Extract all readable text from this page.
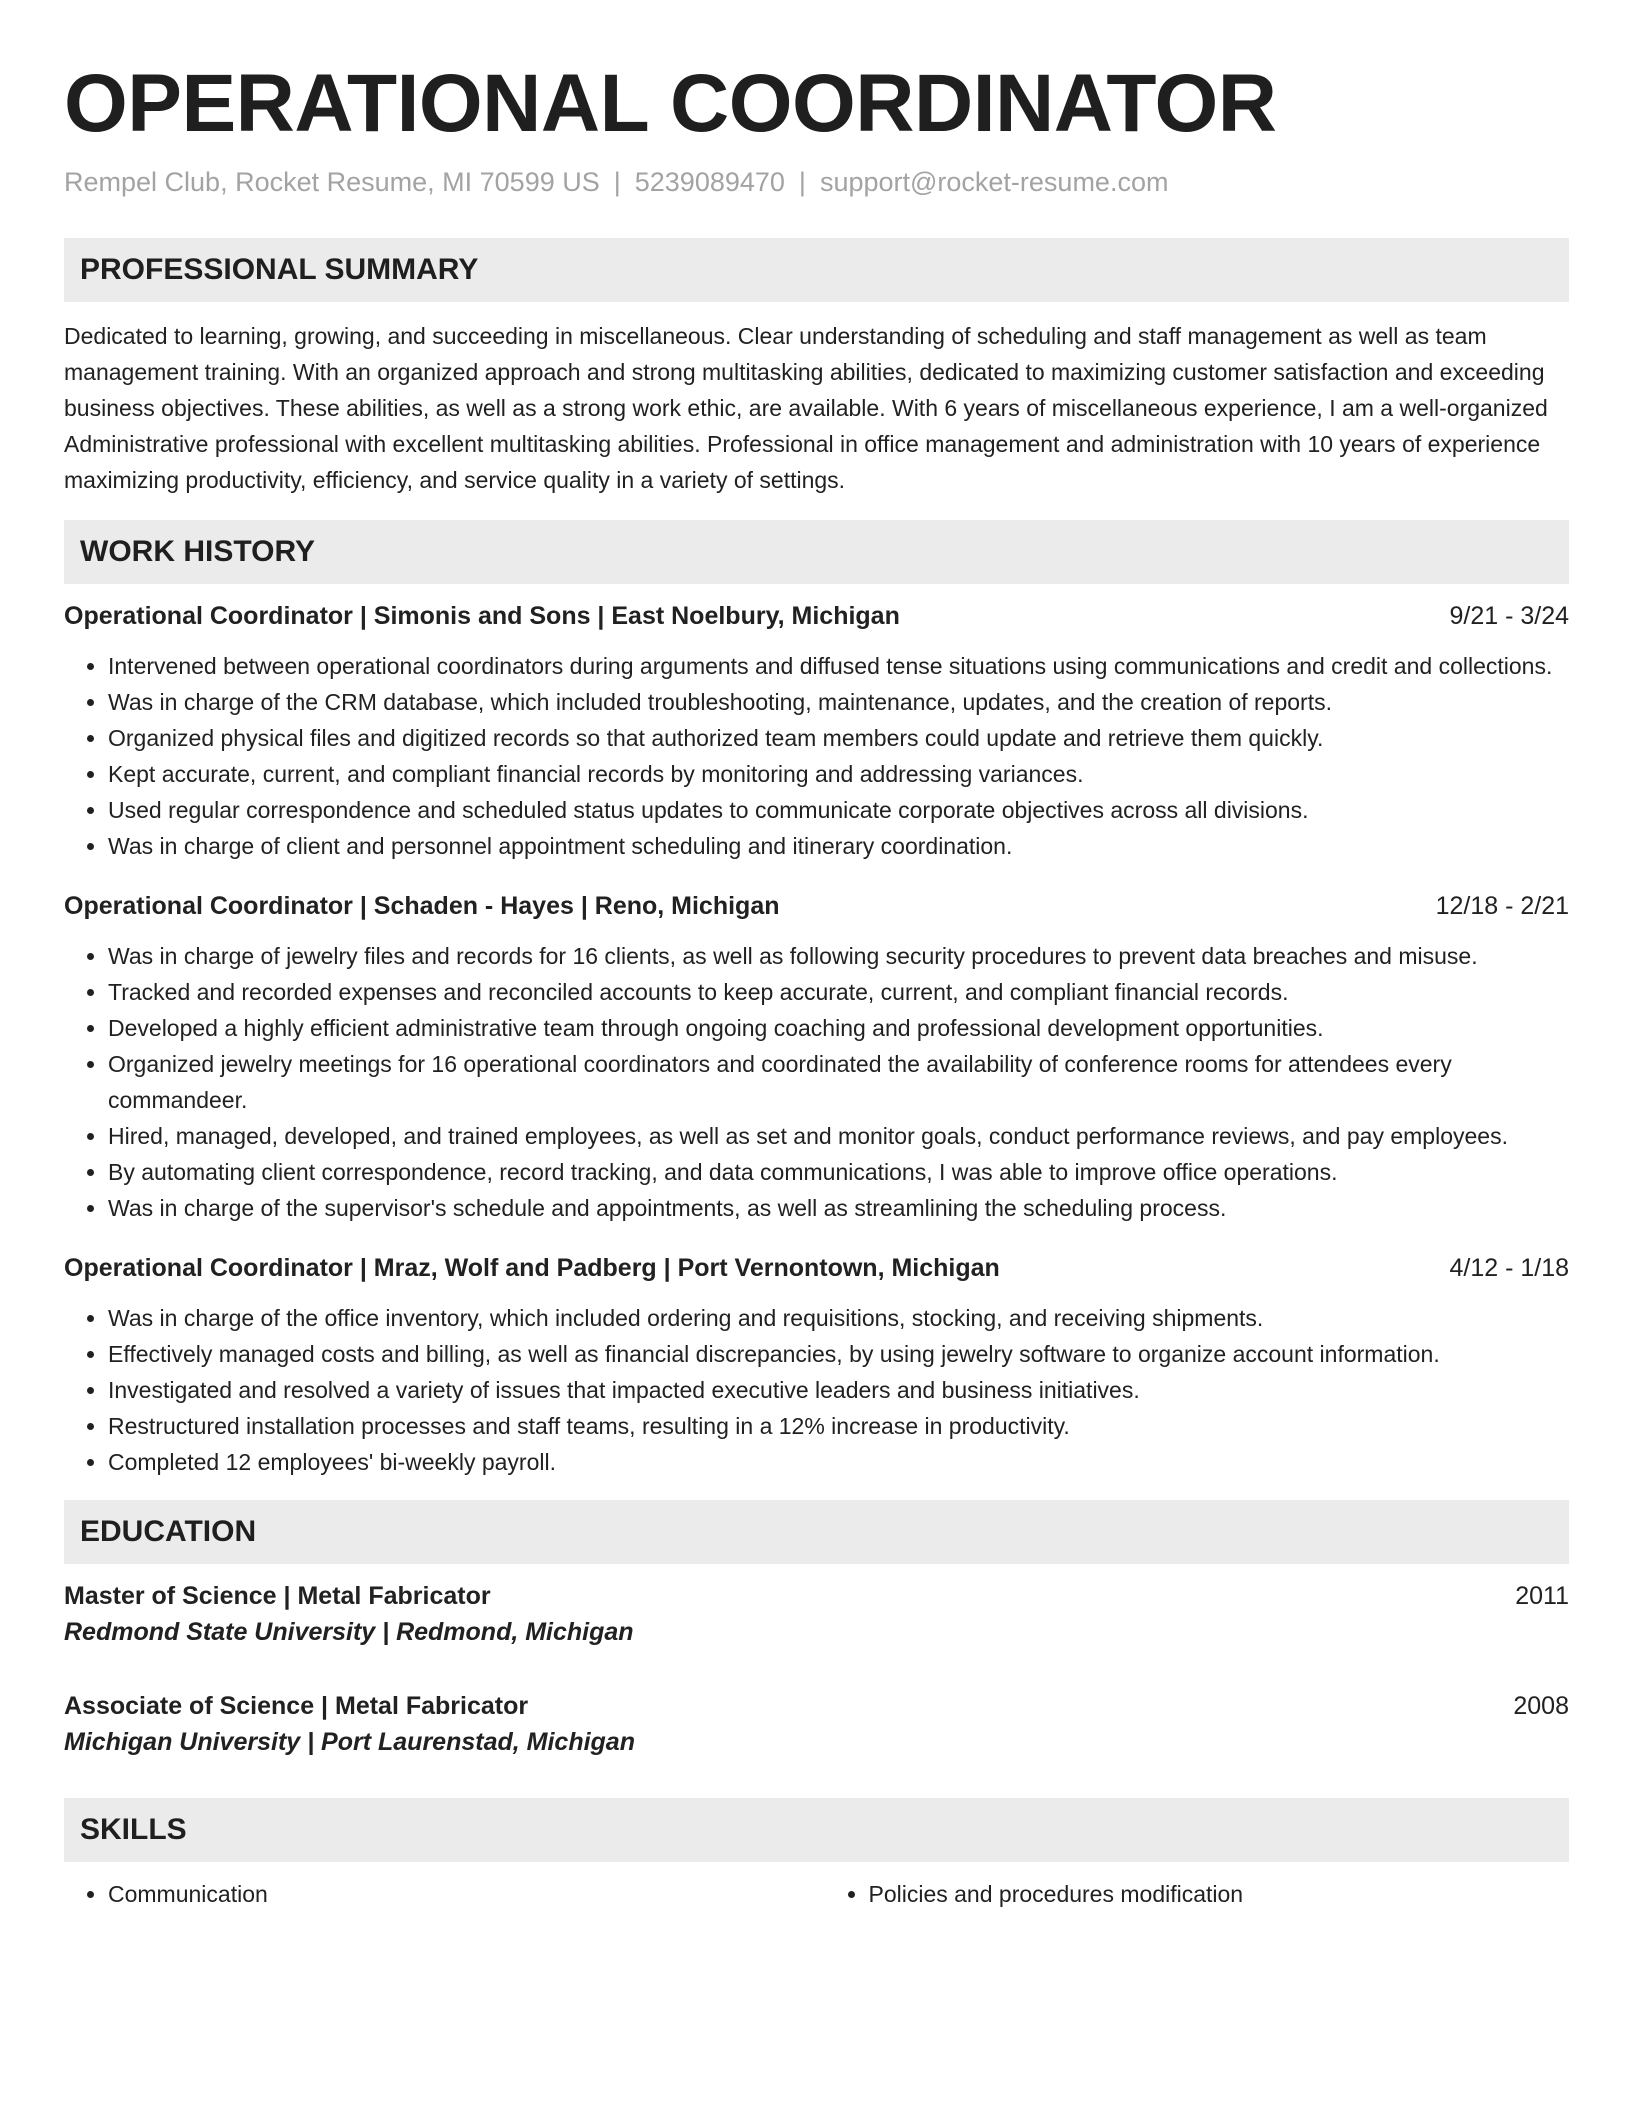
OPERATIONAL COORDINATOR
Rempel Club, Rocket Resume, MI 70599 US | 5239089470 | support@rocket-resume.com
PROFESSIONAL SUMMARY

Dedicated to learning, growing, and succeeding in miscellaneous. Clear understanding of scheduling and staff management as well as team management training. With an organized approach and strong multitasking abilities, dedicated to maximizing customer satisfaction and exceeding business objectives. These abilities, as well as a strong work ethic, are available. With 6 years of miscellaneous experience, I am a well-organized Administrative professional with excellent multitasking abilities. Professional in office management and administration with 10 years of experience maximizing productivity, efficiency, and service quality in a variety of settings.

WORK HISTORY
Operational Coordinator | Simonis and Sons | East Noelbury, Michigan	9/21 - 3/24
• Intervened between operational coordinators during arguments and diffused tense situations using communications and credit and collections.
• Was in charge of the CRM database, which included troubleshooting, maintenance, updates, and the creation of reports.
• Organized physical files and digitized records so that authorized team members could update and retrieve them quickly.
• Kept accurate, current, and compliant financial records by monitoring and addressing variances.
• Used regular correspondence and scheduled status updates to communicate corporate objectives across all divisions.
• Was in charge of client and personnel appointment scheduling and itinerary coordination.
Operational Coordinator | Schaden - Hayes | Reno, Michigan	12/18 - 2/21
• Was in charge of jewelry files and records for 16 clients, as well as following security procedures to prevent data breaches and misuse.
• Tracked and recorded expenses and reconciled accounts to keep accurate, current, and compliant financial records.
• Developed a highly efficient administrative team through ongoing coaching and professional development opportunities.
• Organized jewelry meetings for 16 operational coordinators and coordinated the availability of conference rooms for attendees every commandeer.
• Hired, managed, developed, and trained employees, as well as set and monitor goals, conduct performance reviews, and pay employees.
• By automating client correspondence, record tracking, and data communications, I was able to improve office operations.
• Was in charge of the supervisor's schedule and appointments, as well as streamlining the scheduling process.
Operational Coordinator | Mraz, Wolf and Padberg | Port Vernontown, Michigan	4/12 - 1/18
• Was in charge of the office inventory, which included ordering and requisitions, stocking, and receiving shipments.
• Effectively managed costs and billing, as well as financial discrepancies, by using jewelry software to organize account information.
• Investigated and resolved a variety of issues that impacted executive leaders and business initiatives.
• Restructured installation processes and staff teams, resulting in a 12% increase in productivity.
• Completed 12 employees' bi-weekly payroll.
EDUCATION
Master of Science | Metal Fabricator	2011
Redmond State University | Redmond, Michigan
Associate of Science | Metal Fabricator	2008
Michigan University | Port Laurenstad, Michigan
SKILLS
• Communication
•	Policies and procedures modification
